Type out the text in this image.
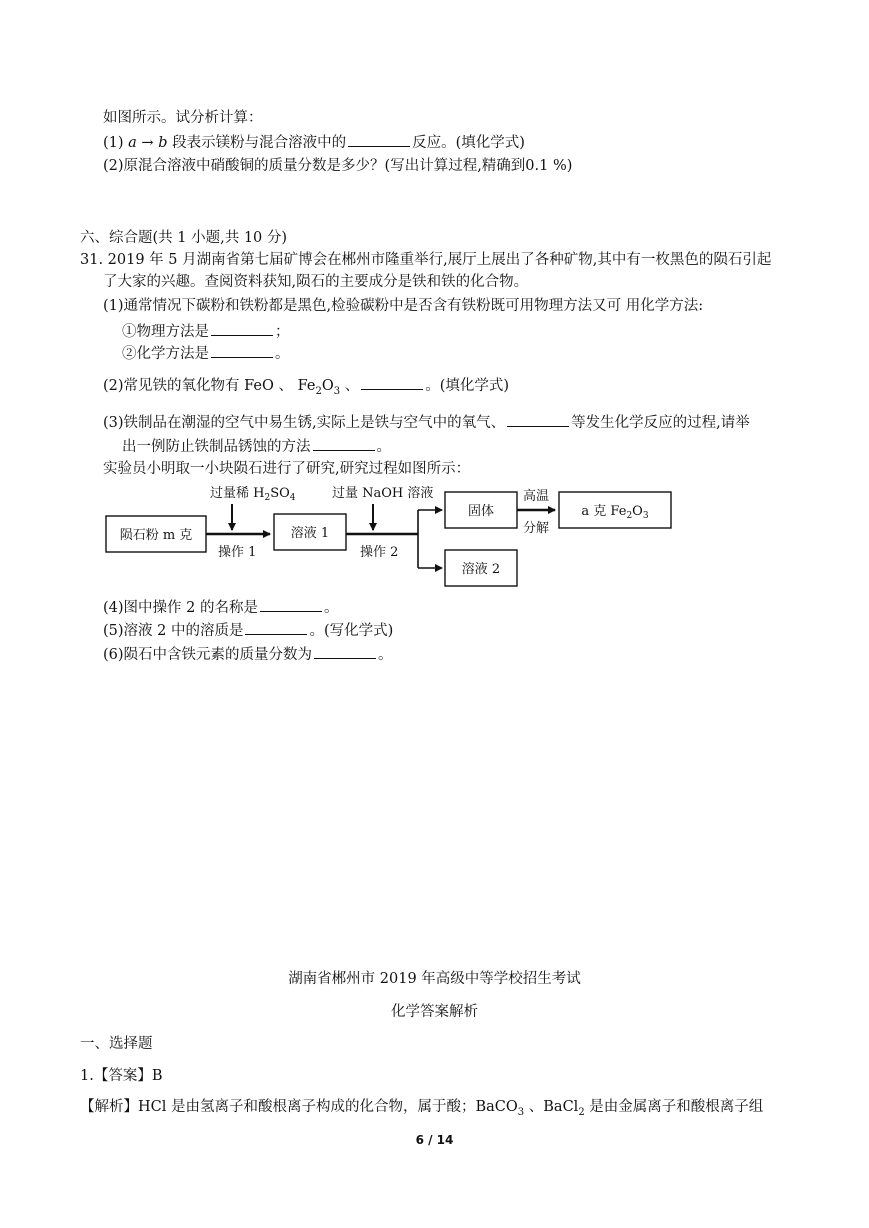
如图所示。试分析计算：
(1) a → b 段表示镁粉与混合溶液中的	反应。(填化学式)
(2)原混合溶液中硝酸铜的质量分数是多少？(写出计算过程,精确到0.1 %)
六、综合题(共 1 小题,共 10 分)
31. 2019 年 5 月湖南省第七届矿博会在郴州市隆重举行,展厅上展出了各种矿物,其中有一枚黑色的陨石引起
了大家的兴趣。查阅资料获知,陨石的主要成分是铁和铁的化合物。
(1)通常情况下碳粉和铁粉都是黑色,检验碳粉中是否含有铁粉既可用物理方法又可 用化学方法:
①物理方法是	；
②化学方法是	。
(2)常见铁的氧化物有 FeO 、 $Fe_2O_3$ 、	。(填化学式)
(3)铁制品在潮湿的空气中易生锈,实际上是铁与空气中的氧气、	等发生化学反应的过程,请举
出一例防止铁制品锈蚀的方法	。
实验员小明取一小块陨石进行了研究,研究过程如图所示：
陨石粉 m 克
过量稀 $H_2SO_4$
操作 1
溶液 1
过量 NaOH 溶液
操作 2
固体
溶液 2
高温
分解
a 克 $Fe_2O_3$
(4)图中操作 2 的名称是	。
(5)溶液 2 中的溶质是	。(写化学式)
(6)陨石中含铁元素的质量分数为	。
湖南省郴州市 2019 年高级中等学校招生考试
化学答案解析
一、选择题
1.【答案】B
【解析】HCl 是由氢离子和酸根离子构成的化合物，属于酸；BaCO$_3$ 、BaCl$_2$ 是由金属离子和酸根离子组
6 / 14
